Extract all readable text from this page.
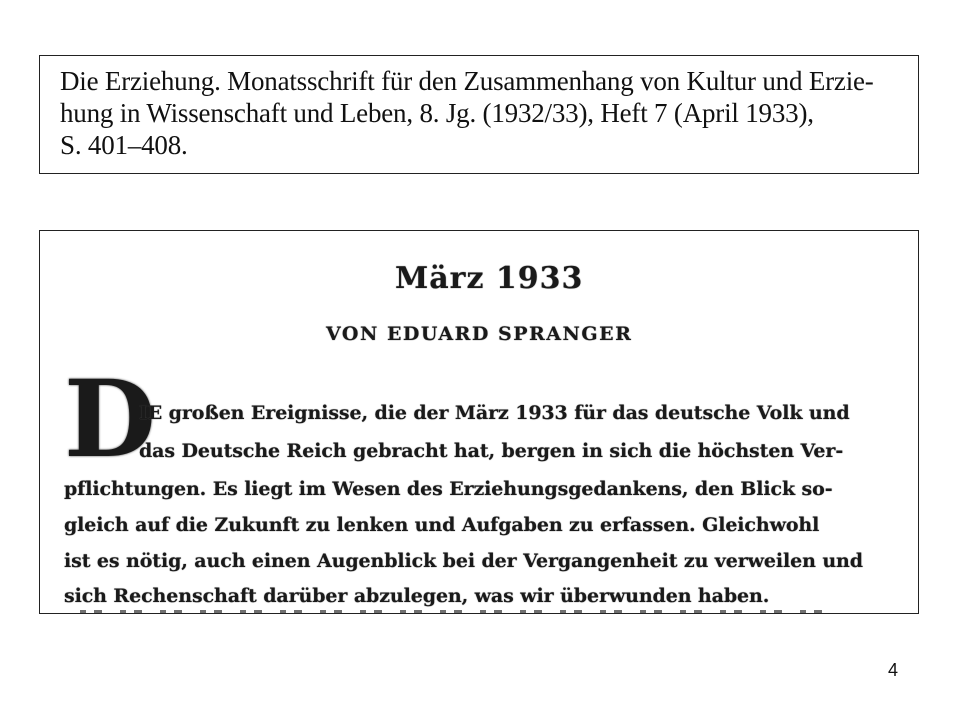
Die Erziehung. Monatsschrift für den Zusammenhang von Kultur und Erzie-
hung in Wissenschaft und Leben, 8. Jg. (1932/33), Heft 7 (April 1933),
S. 401–408.
März 1933
VON EDUARD SPRANGER
D
IE großen Ereignisse, die der März 1933 für das deutsche Volk und
das Deutsche Reich gebracht hat, bergen in sich die höchsten Ver-
pflichtungen. Es liegt im Wesen des Erziehungsgedankens, den Blick so-
gleich auf die Zukunft zu lenken und Aufgaben zu erfassen. Gleichwohl
ist es nötig, auch einen Augenblick bei der Vergangenheit zu verweilen und
sich Rechenschaft darüber abzulegen, was wir überwunden haben.
4
